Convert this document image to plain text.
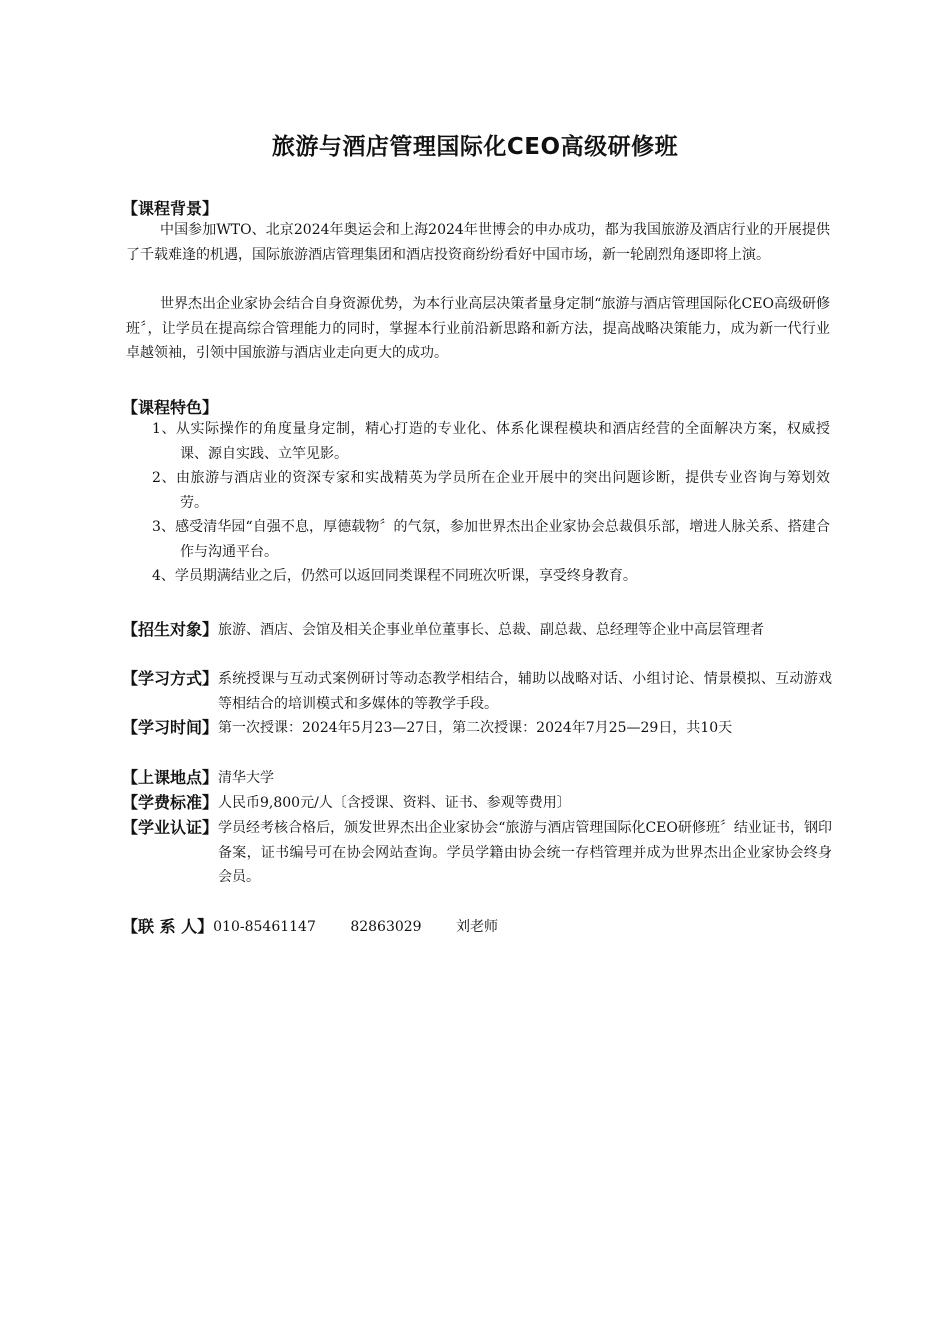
旅游与酒店管理国际化CEO高级研修班
【课程背景】
中国参加WTO、北京2024年奥运会和上海2024年世博会的申办成功，都为我国旅游及酒店行业的开展提供了千载难逢的机遇，国际旅游酒店管理集团和酒店投资商纷纷看好中国市场，新一轮剧烈角逐即将上演。
世界杰出企业家协会结合自身资源优势，为本行业高层决策者量身定制“旅游与酒店管理国际化CEO高级研修班〞，让学员在提高综合管理能力的同时，掌握本行业前沿新思路和新方法，提高战略决策能力，成为新一代行业卓越领袖，引领中国旅游与酒店业走向更大的成功。
【课程特色】
1、从实际操作的角度量身定制，精心打造的专业化、体系化课程模块和酒店经营的全面解决方案，权威授课、源自实践、立竿见影。
2、由旅游与酒店业的资深专家和实战精英为学员所在企业开展中的突出问题诊断，提供专业咨询与筹划效劳。
3、感受清华园“自强不息，厚德载物〞的气氛，参加世界杰出企业家协会总裁俱乐部，增进人脉关系、搭建合作与沟通平台。
4、学员期满结业之后，仍然可以返回同类课程不同班次听课，享受终身教育。
【招生对象】 旅游、酒店、会馆及相关企事业单位董事长、总裁、副总裁、总经理等企业中高层管理者
【学习方式】 系统授课与互动式案例研讨等动态教学相结合，辅助以战略对话、小组讨论、情景模拟、互动游戏等相结合的培训模式和多媒体的等教学手段。
【学习时间】 第一次授课：2024年5月23—27日，第二次授课：2024年7月25—29日，共10天
【上课地点】 清华大学
【学费标准】 人民币9,800元/人〔含授课、资料、证书、参观等费用〕
【学业认证】 学员经考核合格后，颁发世界杰出企业家协会“旅游与酒店管理国际化CEO研修班〞结业证书，钢印备案，证书编号可在协会网站查询。学员学籍由协会统一存档管理并成为世界杰出企业家协会终身会员。
【联 系 人】 010-85461147 82863029 刘老师
